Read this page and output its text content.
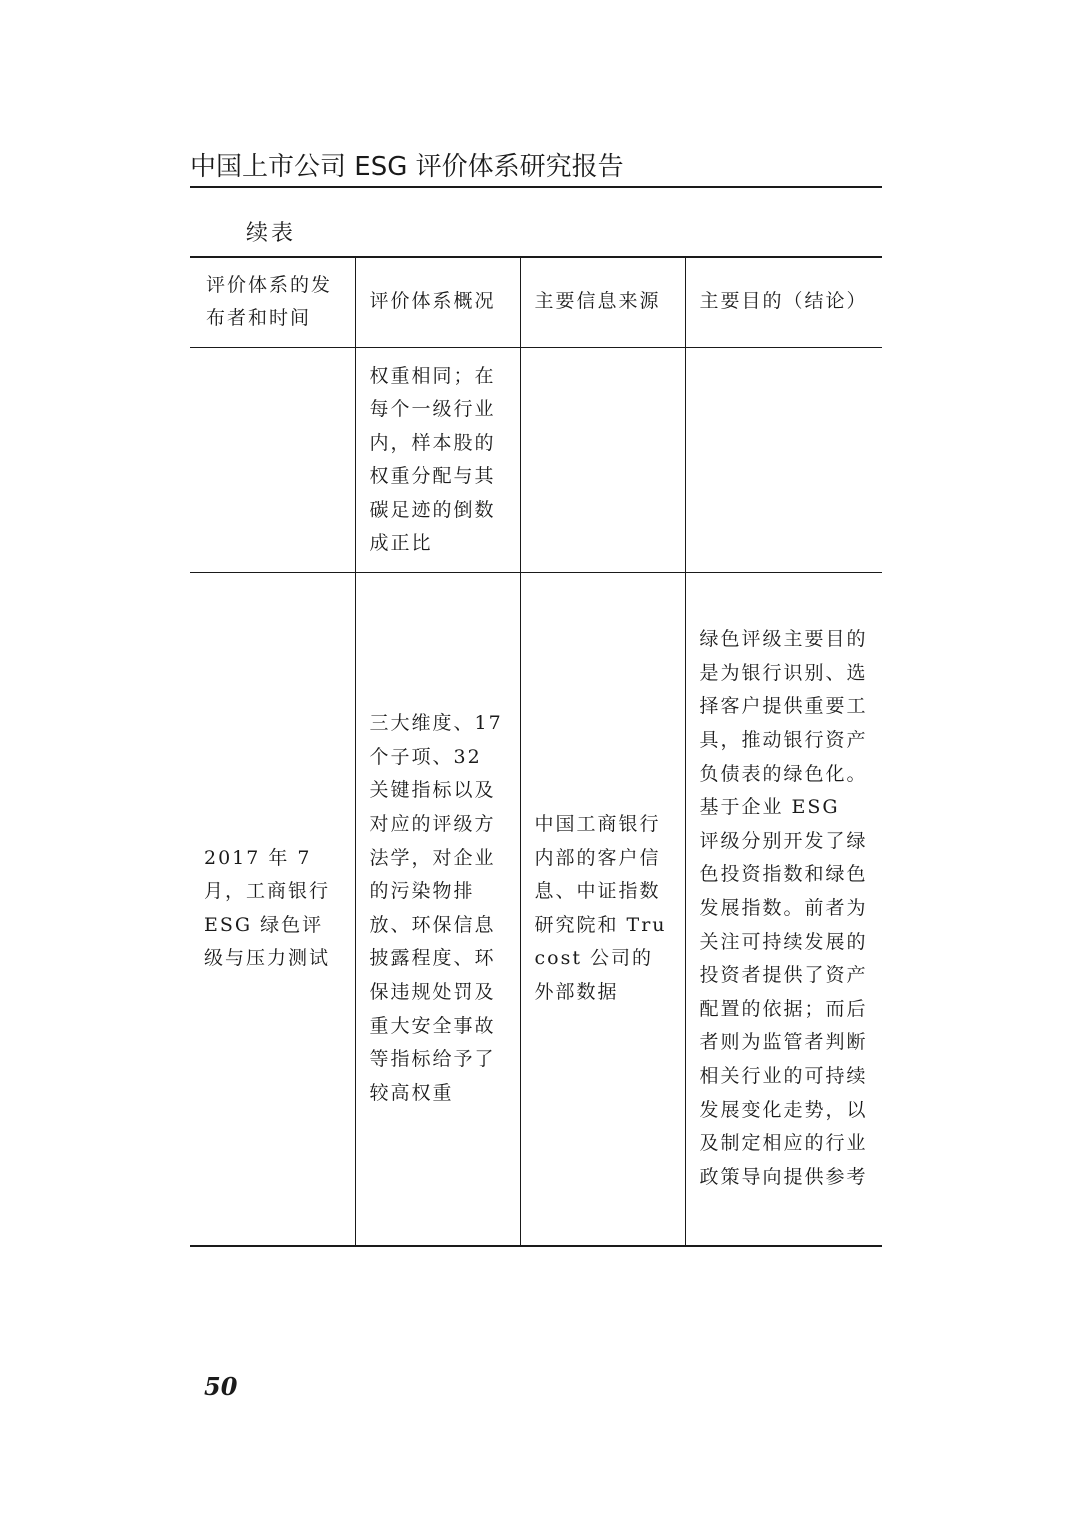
中国上市公司 ESG 评价体系研究报告
续表
评价体系的发布者和时间	评价体系概况	主要信息来源	主要目的（结论）
	权重相同；在每个一级行业内，样本股的权重分配与其碳足迹的倒数成正比		
2017 年 7 月，工商银行 ESG 绿色评级与压力测试	三大维度、17 个子项、32 关键指标以及对应的评级方法学，对企业的污染物排放、环保信息披露程度、环保违规处罚及重大安全事故等指标给予了较高权重	中国工商银行内部的客户信息、中证指数研究院和 Trucost 公司的外部数据	绿色评级主要目的是为银行识别、选择客户提供重要工具，推动银行资产负债表的绿色化。基于企业 ESG 评级分别开发了绿色投资指数和绿色发展指数。前者为关注可持续发展的投资者提供了资产配置的依据；而后者则为监管者判断相关行业的可持续发展变化走势，以及制定相应的行业政策导向提供参考
50
